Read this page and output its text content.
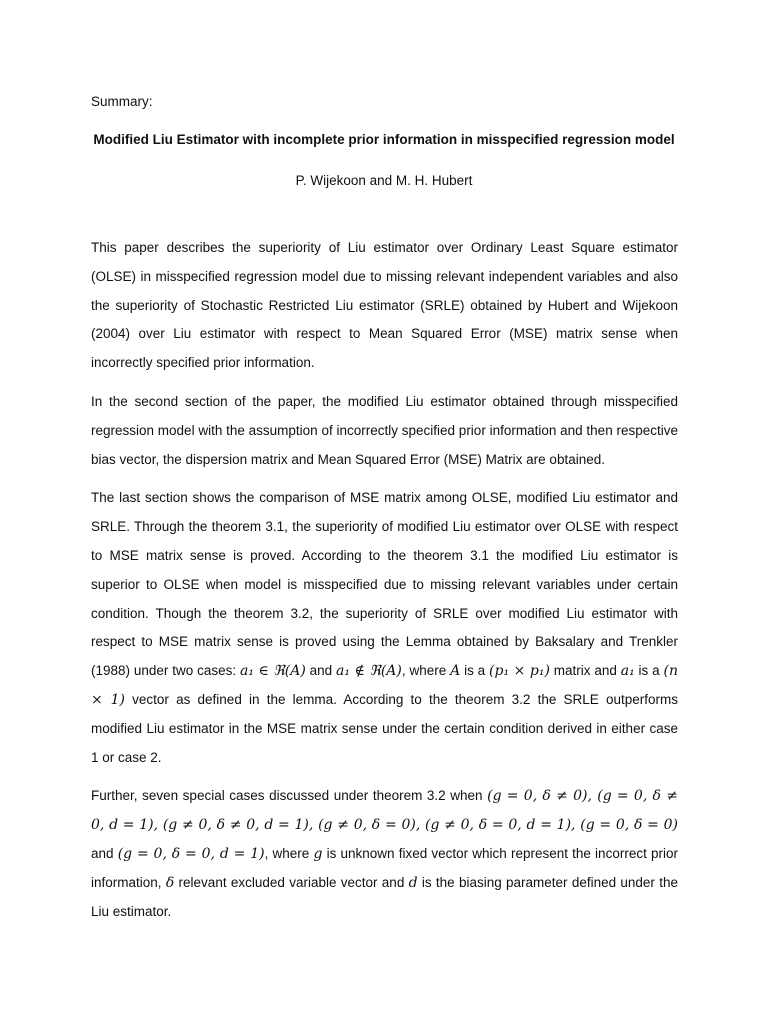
Summary:
Modified Liu Estimator with incomplete prior information in misspecified regression model
P. Wijekoon and M. H. Hubert

This paper describes the superiority of Liu estimator over Ordinary Least Square estimator (OLSE) in misspecified regression model due to missing relevant independent variables and also the superiority of Stochastic Restricted Liu estimator (SRLE) obtained by Hubert and Wijekoon (2004) over Liu estimator with respect to Mean Squared Error (MSE) matrix sense when incorrectly specified prior information.

In the second section of the paper, the modified Liu estimator obtained through misspecified regression model with the assumption of incorrectly specified prior information and then respective bias vector, the dispersion matrix and Mean Squared Error (MSE) Matrix are obtained.

The last section shows the comparison of MSE matrix among OLSE, modified Liu estimator and SRLE. Through the theorem 3.1, the superiority of modified Liu estimator over OLSE with respect to MSE matrix sense is proved. According to the theorem 3.1 the modified Liu estimator is superior to OLSE when model is misspecified due to missing relevant variables under certain condition. Though the theorem 3.2, the superiority of SRLE over modified Liu estimator with respect to MSE matrix sense is proved using the Lemma obtained by Baksalary and Trenkler (1988) under two cases: a₁ ∈ ℜ(A) and a₁ ∉ ℜ(A), where A is a (p₁ × p₁) matrix and a₁ is a (n × 1) vector as defined in the lemma. According to the theorem 3.2 the SRLE outperforms modified Liu estimator in the MSE matrix sense under the certain condition derived in either case 1 or case 2.

Further, seven special cases discussed under theorem 3.2 when (g = 0, δ ≠ 0), (g = 0, δ ≠ 0, d = 1), (g ≠ 0, δ ≠ 0, d = 1), (g ≠ 0, δ = 0), (g ≠ 0, δ = 0, d = 1), (g = 0, δ = 0) and (g = 0, δ = 0, d = 1), where g is unknown fixed vector which represent the incorrect prior information, δ relevant excluded variable vector and d is the biasing parameter defined under the Liu estimator.
